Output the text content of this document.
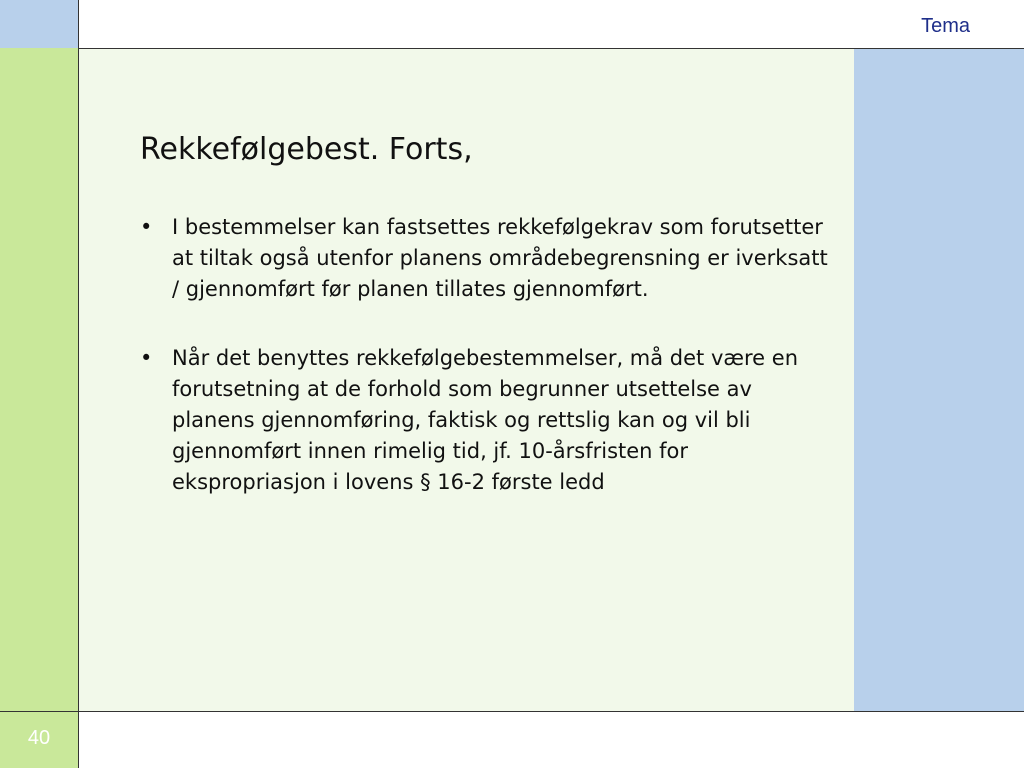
Tema
40
Rekkefølgebest. Forts,
• I bestemmelser kan fastsettes rekkefølgekrav som forutsetter at tiltak også utenfor planens områdebegrensning er iverksatt / gjennomført før planen tillates gjennomført.
• Når det benyttes rekkefølgebestemmelser, må det være en forutsetning at de forhold som begrunner utsettelse av planens gjennomføring, faktisk og rettslig kan og vil bli gjennomført innen rimelig tid, jf. 10-årsfristen for ekspropriasjon i lovens § 16-2 første ledd
